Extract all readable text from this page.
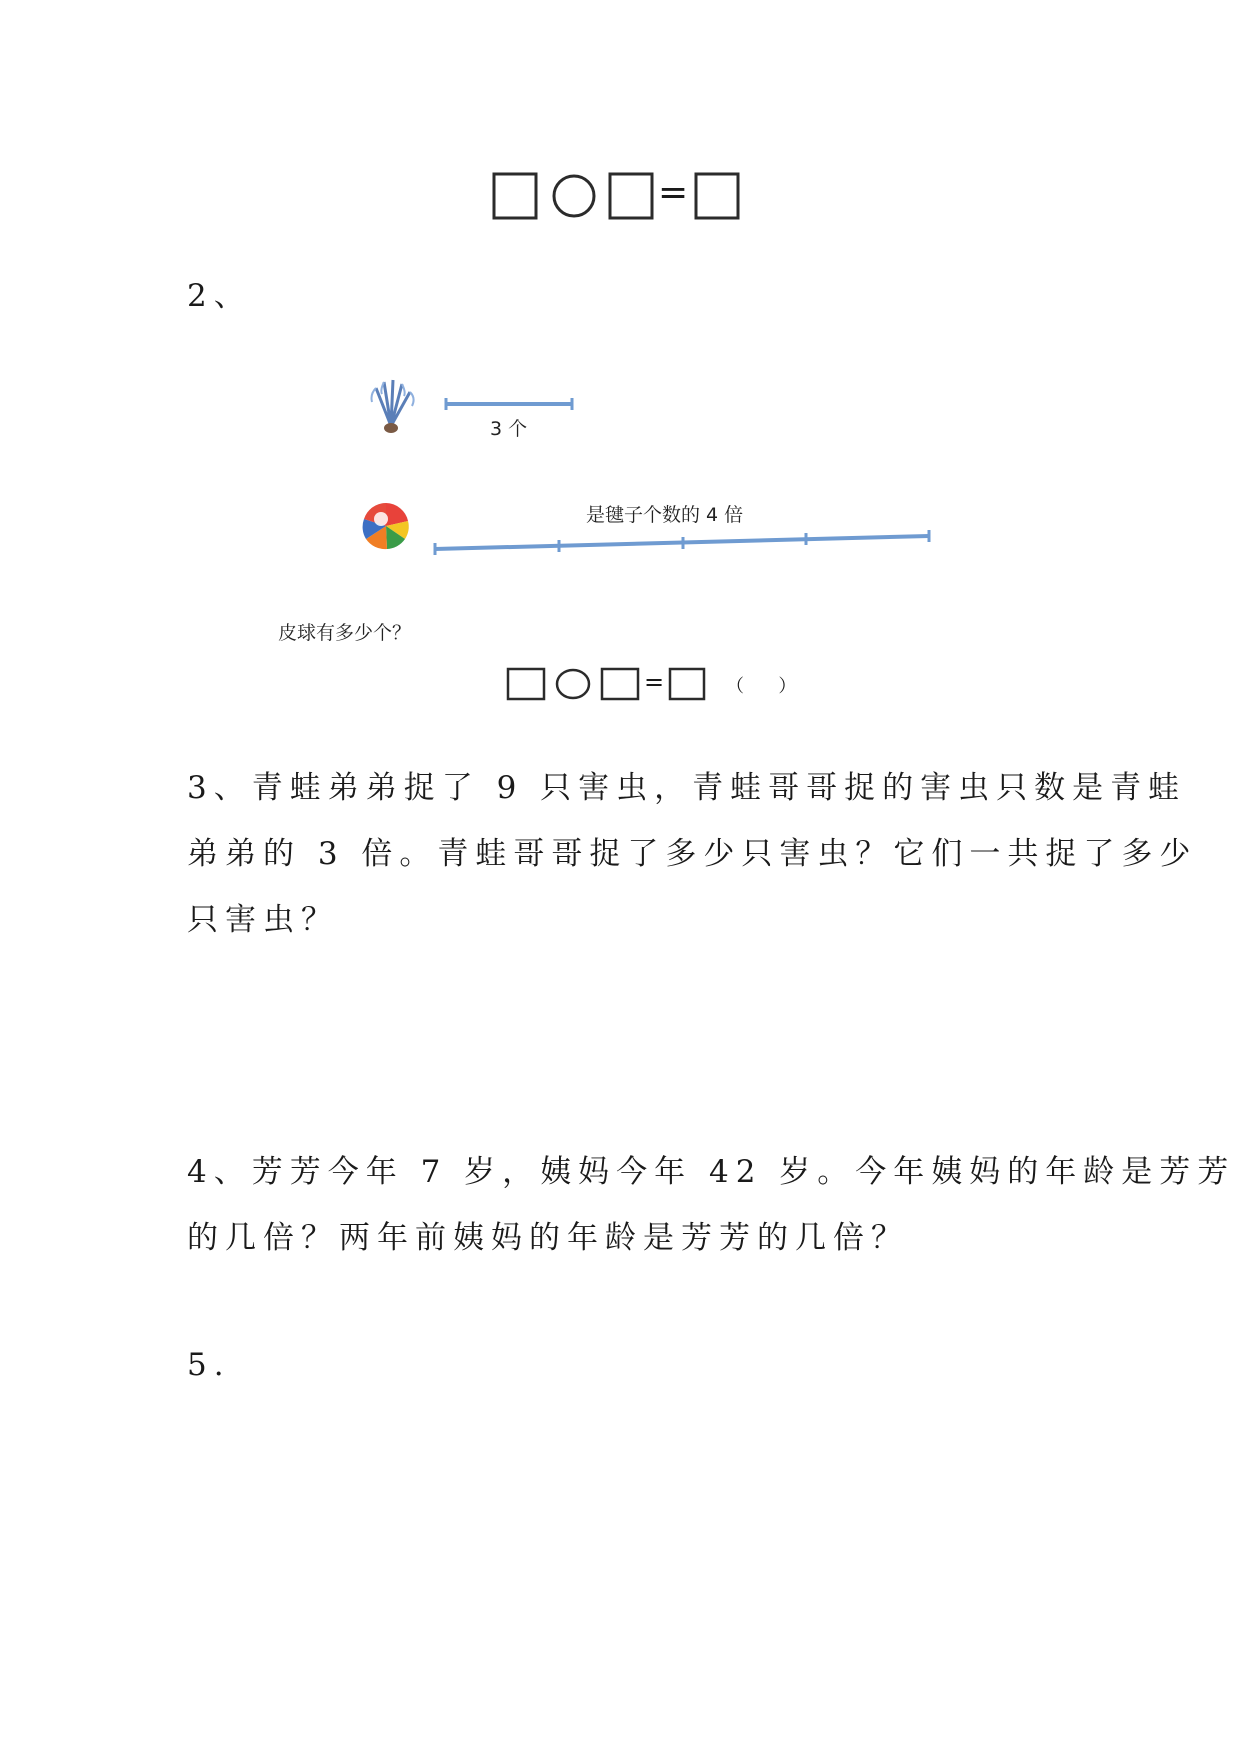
=
2、
3 个
是毽子个数的 4 倍
皮球有多少个？
=	（      ）
3、青蛙弟弟捉了 9 只害虫，青蛙哥哥捉的害虫只数是青蛙
弟弟的 3 倍。青蛙哥哥捉了多少只害虫？它们一共捉了多少
只害虫？
4、芳芳今年 7 岁，姨妈今年 42 岁。今年姨妈的年龄是芳芳
的几倍？两年前姨妈的年龄是芳芳的几倍？
5.
